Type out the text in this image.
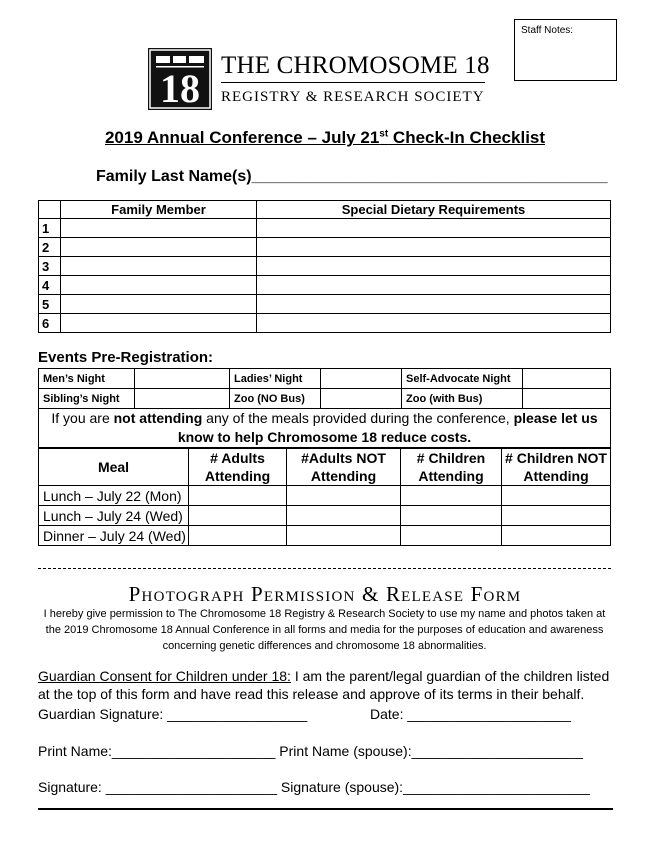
Staff Notes:
18
THE CHROMOSOME 18
REGISTRY & RESEARCH SOCIETY
2019 Annual Conference – July 21st Check-In Checklist
Family Last Name(s)________________________________________
	Family Member	Special Dietary Requirements
1		
2		
3		
4		
5		
6		
Events Pre-Registration:
Men’s Night		Ladies’ Night		Self-Advocate Night	
Sibling’s Night		Zoo (NO Bus)		Zoo (with Bus)	
If you are not attending any of the meals provided during the conference, please let us know to help Chromosome 18 reduce costs.					
Meal	# Adults Attending	#Adults NOT Attending	# Children Attending	# Children NOT Attending
Lunch – July 22 (Mon)				
Lunch – July 24 (Wed)				
Dinner – July 24 (Wed)				
Photograph Permission & Release Form
I hereby give permission to The Chromosome 18 Registry & Research Society to use my name and photos taken at the 2019 Chromosome 18 Annual Conference in all forms and media for the purposes of education and awareness concerning genetic differences and chromosome 18 abnormalities.
Guardian Consent for Children under 18: I am the parent/legal guardian of the children listed at the top of this form and have read this release and approve of its terms in their behalf.
Guardian Signature: __________________	Date: _____________________
Print Name:_____________________ Print Name (spouse):______________________
Signature: ______________________ Signature (spouse):________________________
